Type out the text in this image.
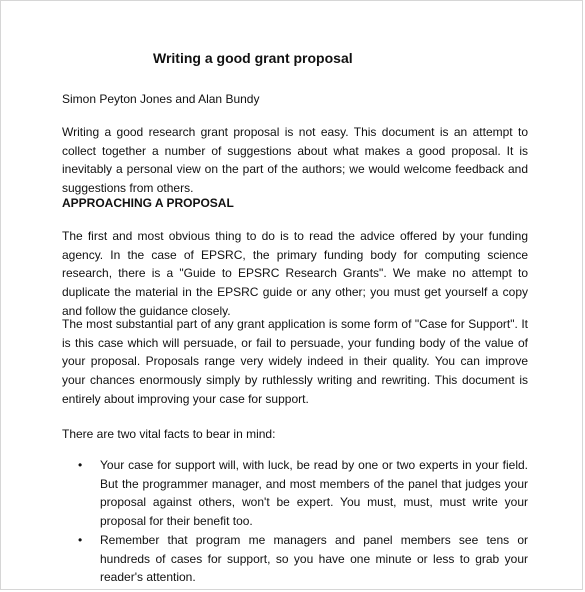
Writing a good grant proposal
Simon Peyton Jones and Alan Bundy

Writing a good research grant proposal is not easy. This document is an attempt to collect together a number of suggestions about what makes a good proposal. It is inevitably a personal view on the part of the authors; we would welcome feedback and suggestions from others.

APPROACHING A PROPOSAL

The first and most obvious thing to do is to read the advice offered by your funding agency. In the case of EPSRC, the primary funding body for computing science research, there is a "Guide to EPSRC Research Grants". We make no attempt to duplicate the material in the EPSRC guide or any other; you must get yourself a copy and follow the guidance closely.

The most substantial part of any grant application is some form of "Case for Support". It is this case which will persuade, or fail to persuade, your funding body of the value of your proposal. Proposals range very widely indeed in their quality. You can improve your chances enormously simply by ruthlessly writing and rewriting. This document is entirely about improving your case for support.

There are two vital facts to bear in mind:

• Your case for support will, with luck, be read by one or two experts in your field. But the programmer manager, and most members of the panel that judges your proposal against others, won't be expert. You must, must, must write your proposal for their benefit too.
• Remember that program me managers and panel members see tens or hundreds of cases for support, so you have one minute or less to grab your reader's attention.
